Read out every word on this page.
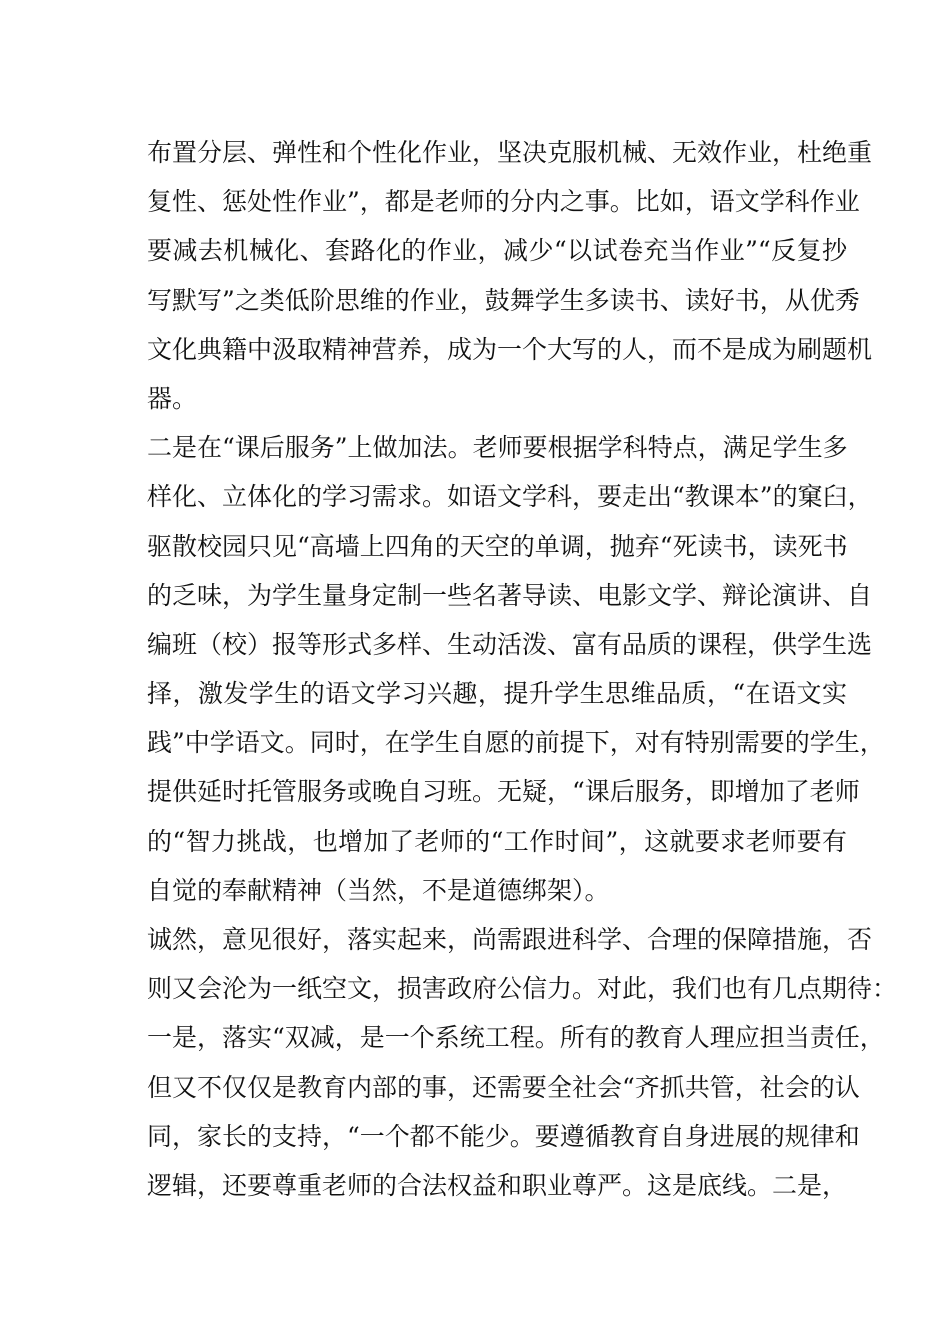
布置分层、弹性和个性化作业，坚决克服机械、无效作业，杜绝重
复性、惩处性作业”，都是老师的分内之事。比如，语文学科作业
要减去机械化、套路化的作业，减少“以试卷充当作业”“反复抄
写默写”之类低阶思维的作业，鼓舞学生多读书、读好书，从优秀
文化典籍中汲取精神营养，成为一个大写的人，而不是成为刷题机
器。
二是在“课后服务”上做加法。老师要根据学科特点，满足学生多
样化、立体化的学习需求。如语文学科，要走出“教课本”的窠臼，
驱散校园只见“高墙上四角的天空的单调，抛弃“死读书，读死书
的乏味，为学生量身定制一些名著导读、电影文学、辩论演讲、自
编班（校）报等形式多样、生动活泼、富有品质的课程，供学生选
择，激发学生的语文学习兴趣，提升学生思维品质，“在语文实
践”中学语文。同时，在学生自愿的前提下，对有特别需要的学生，
提供延时托管服务或晚自习班。无疑，“课后服务，即增加了老师
的“智力挑战，也增加了老师的“工作时间”，这就要求老师要有
自觉的奉献精神（当然，不是道德绑架）。
诚然，意见很好，落实起来，尚需跟进科学、合理的保障措施，否
则又会沦为一纸空文，损害政府公信力。对此，我们也有几点期待：
一是，落实“双减，是一个系统工程。所有的教育人理应担当责任，
但又不仅仅是教育内部的事，还需要全社会“齐抓共管，社会的认
同，家长的支持，“一个都不能少。要遵循教育自身进展的规律和
逻辑，还要尊重老师的合法权益和职业尊严。这是底线。二是，
